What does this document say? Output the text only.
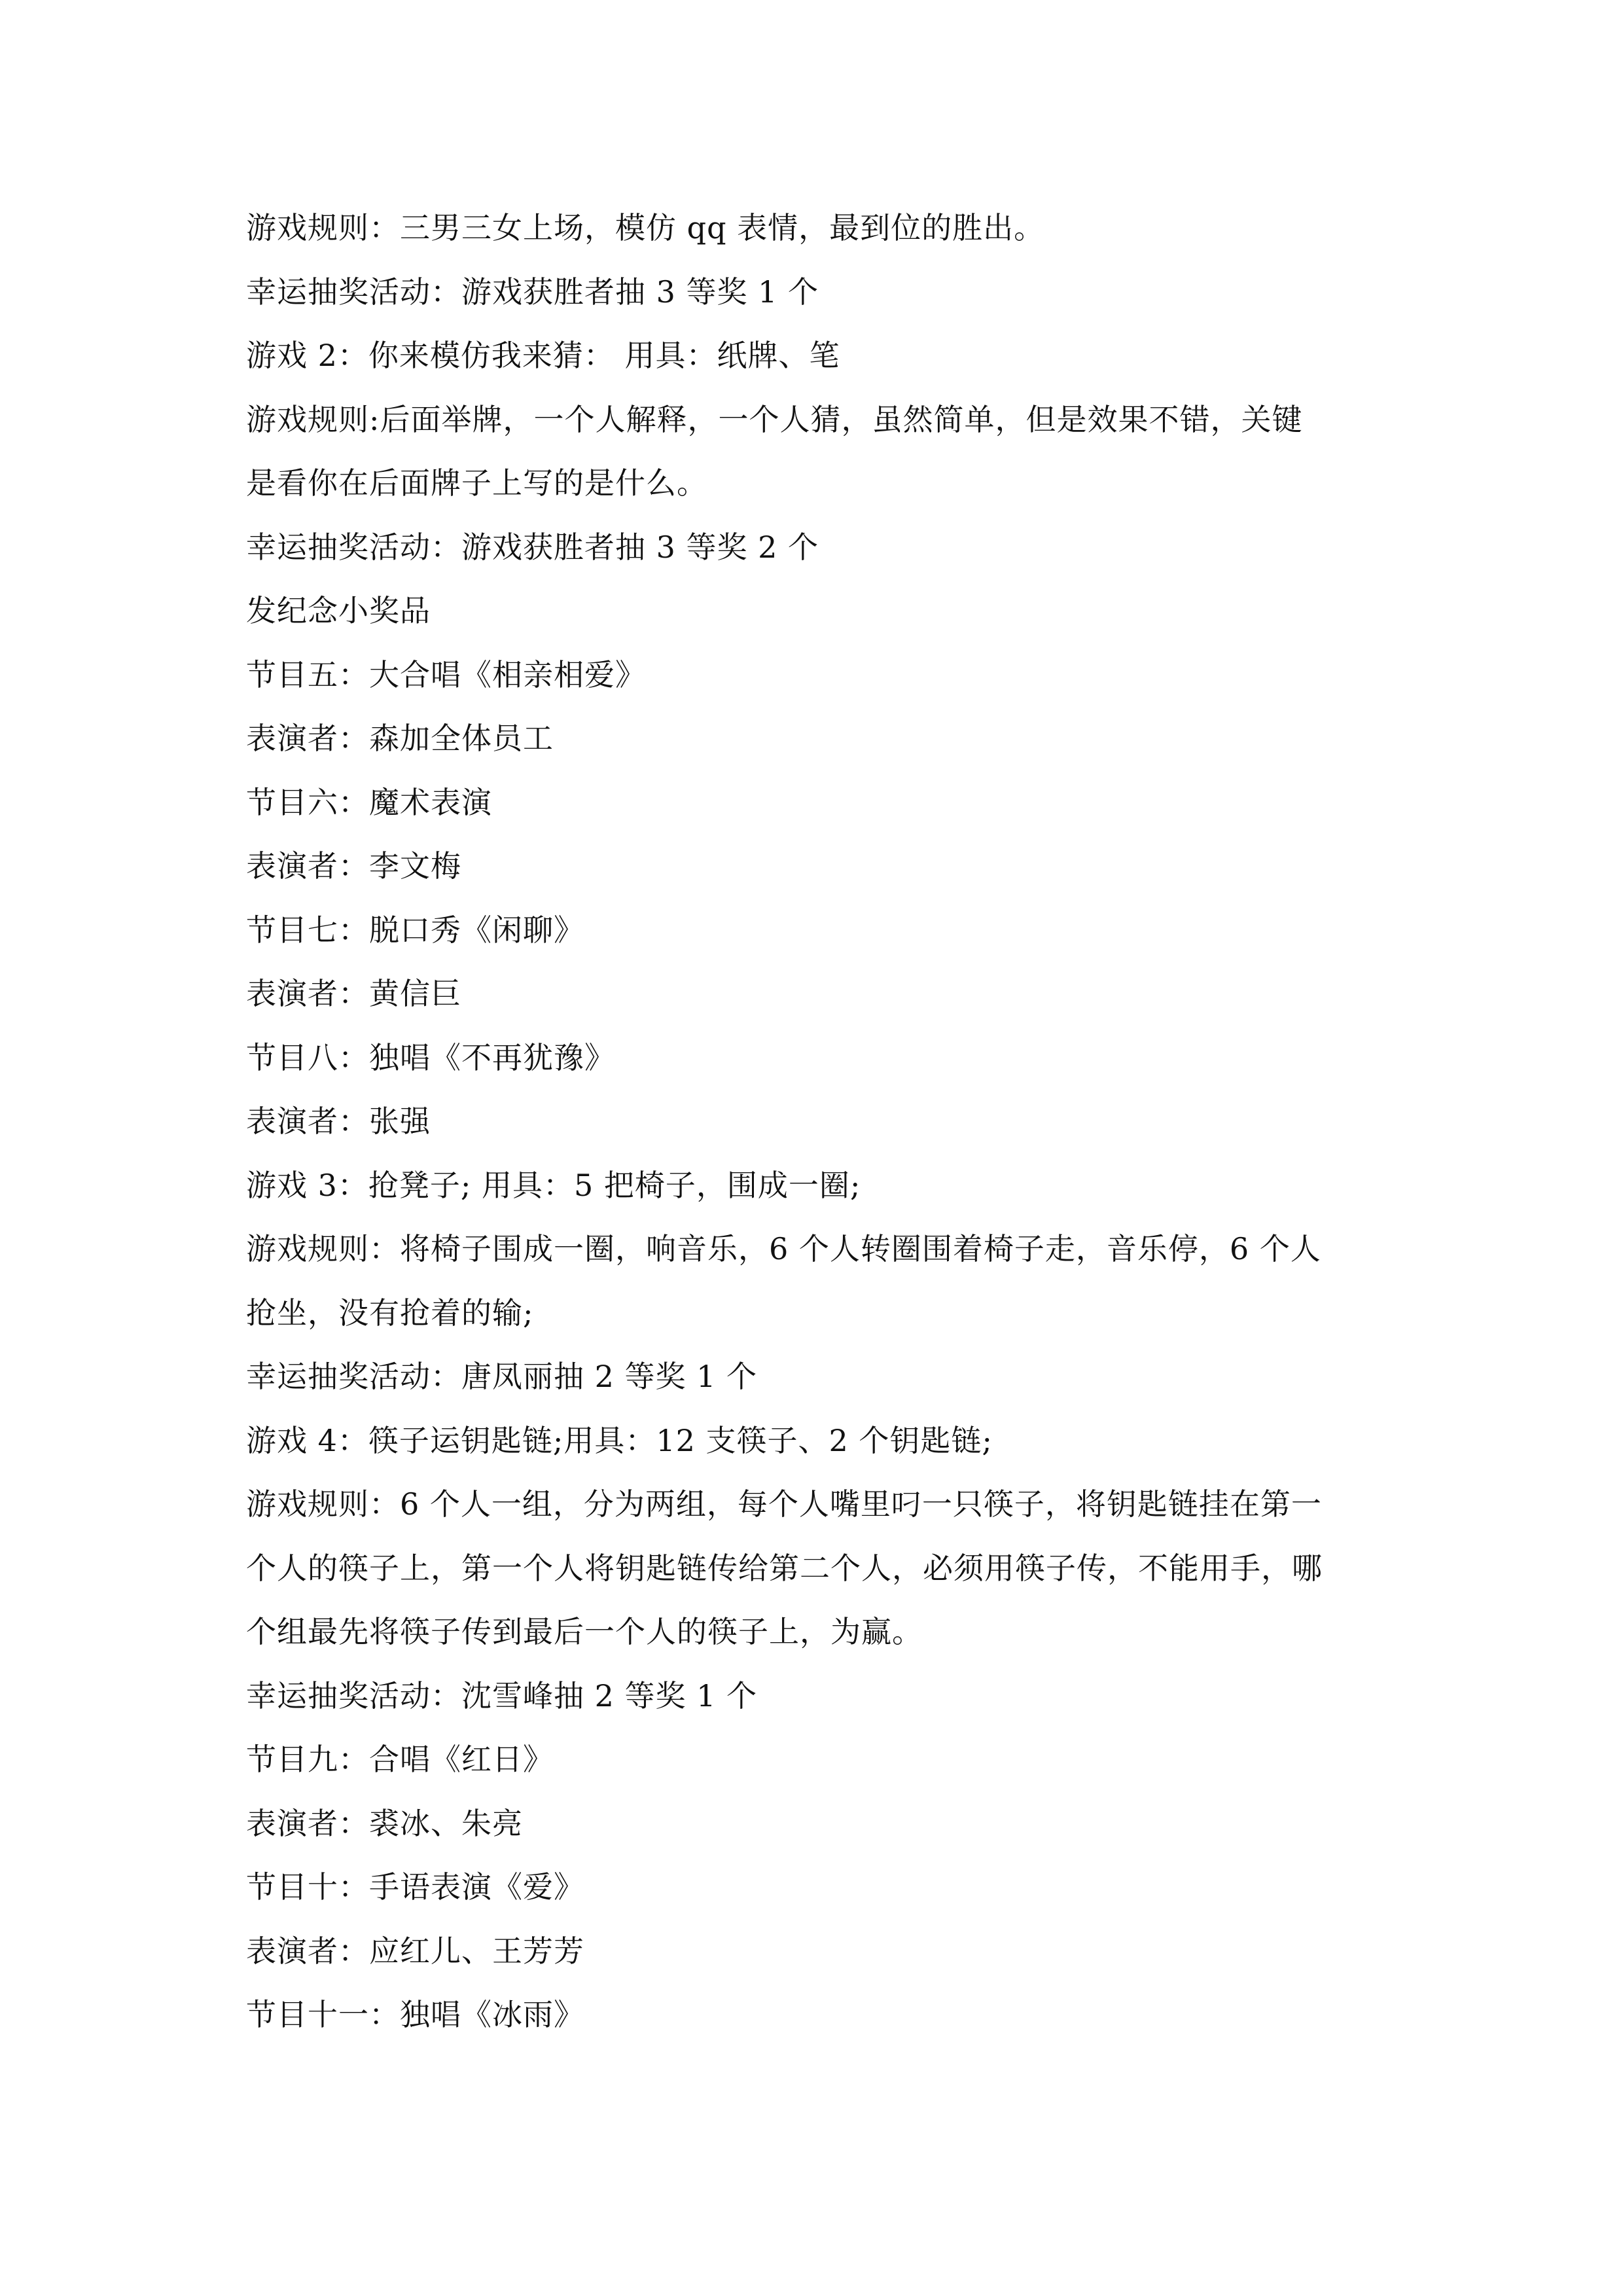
游戏规则：三男三女上场，模仿 qq 表情，最到位的胜出。
幸运抽奖活动：游戏获胜者抽 3 等奖 1 个
游戏 2：你来模仿我来猜： 用具：纸牌、笔
游戏规则:后面举牌，一个人解释，一个人猜，虽然简单，但是效果不错，关键
是看你在后面牌子上写的是什么。
幸运抽奖活动：游戏获胜者抽 3 等奖 2 个
发纪念小奖品
节目五：大合唱《相亲相爱》
表演者：森加全体员工
节目六：魔术表演
表演者：李文梅
节目七：脱口秀《闲聊》
表演者：黄信巨
节目八：独唱《不再犹豫》
表演者：张强
游戏 3：抢凳子; 用具：5 把椅子，围成一圈;
游戏规则：将椅子围成一圈，响音乐，6 个人转圈围着椅子走，音乐停，6 个人
抢坐，没有抢着的输;
幸运抽奖活动：唐凤丽抽 2 等奖 1 个
游戏 4：筷子运钥匙链;用具：12 支筷子、2 个钥匙链;
游戏规则：6 个人一组，分为两组，每个人嘴里叼一只筷子，将钥匙链挂在第一
个人的筷子上，第一个人将钥匙链传给第二个人，必须用筷子传，不能用手，哪
个组最先将筷子传到最后一个人的筷子上，为赢。
幸运抽奖活动：沈雪峰抽 2 等奖 1 个
节目九：合唱《红日》
表演者：裘冰、朱亮
节目十：手语表演《爱》
表演者：应红儿、王芳芳
节目十一：独唱《冰雨》
